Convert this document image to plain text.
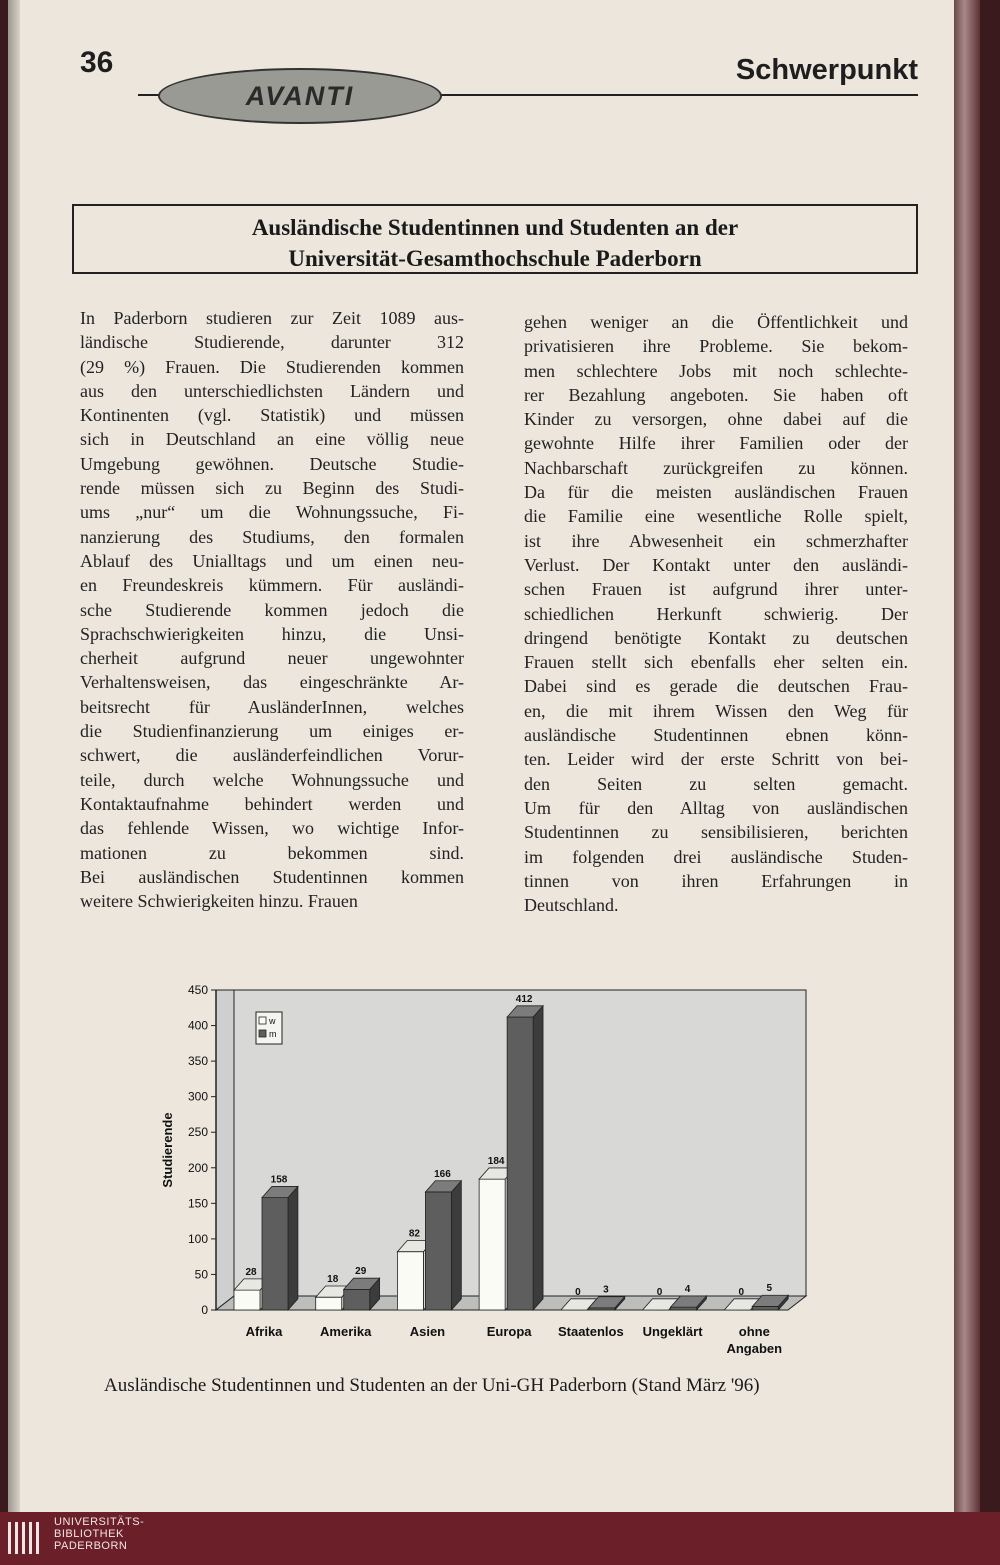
36
AVANTI
Schwerpunkt
Ausländische Studentinnen und Studenten an der
Universität-Gesamthochschule Paderborn

In Paderborn studieren zur Zeit 1089 aus-

ländische Studierende, darunter 312

(29 %) Frauen. Die Studierenden kommen

aus den unterschiedlichsten Ländern und

Kontinenten (vgl. Statistik) und müssen

sich in Deutschland an eine völlig neue

Umgebung gewöhnen. Deutsche Studie-

rende müssen sich zu Beginn des Studi-

ums „nur“ um die Wohnungssuche, Fi-

nanzierung des Studiums, den formalen

Ablauf des Unialltags und um einen neu-

en Freundeskreis kümmern. Für ausländi-

sche Studierende kommen jedoch die

Sprachschwierigkeiten hinzu, die Unsi-

cherheit aufgrund neuer ungewohnter

Verhaltensweisen, das eingeschränkte Ar-

beitsrecht für AusländerInnen, welches

die Studienfinanzierung um einiges er-

schwert, die ausländerfeindlichen Vorur-

teile, durch welche Wohnungssuche und

Kontaktaufnahme behindert werden und

das fehlende Wissen, wo wichtige Infor-

mationen zu bekommen sind.

Bei ausländischen Studentinnen kommen

weitere Schwierigkeiten hinzu. Frauen

gehen weniger an die Öffentlichkeit und

privatisieren ihre Probleme. Sie bekom-

men schlechtere Jobs mit noch schlechte-

rer Bezahlung angeboten. Sie haben oft

Kinder zu versorgen, ohne dabei auf die

gewohnte Hilfe ihrer Familien oder der

Nachbarschaft zurückgreifen zu können.

Da für die meisten ausländischen Frauen

die Familie eine wesentliche Rolle spielt,

ist ihre Abwesenheit ein schmerzhafter

Verlust. Der Kontakt unter den ausländi-

schen Frauen ist aufgrund ihrer unter-

schiedlichen Herkunft schwierig. Der

dringend benötigte Kontakt zu deutschen

Frauen stellt sich ebenfalls eher selten ein.

Dabei sind es gerade die deutschen Frau-

en, die mit ihrem Wissen den Weg für

ausländische Studentinnen ebnen könn-

ten. Leider wird der erste Schritt von bei-

den Seiten zu selten gemacht.

Um für den Alltag von ausländischen

Studentinnen zu sensibilisieren, berichten

im folgenden drei ausländische Studen-

tinnen von ihren Erfahrungen in

Deutschland.

0
50
100
150
200
250
300
350
400
450
Studierende
28
158
Afrika
18
29
Amerika
82
166
Asien
184
412
Europa
0 3
Staatenlos
0 4
Ungeklärt
0 5
ohne
Angaben
w
m
Ausländische Studentinnen und Studenten an der Uni-GH Paderborn (Stand März '96)
UNIVERSITÄTS-
BIBLIOTHEK
PADERBORN
